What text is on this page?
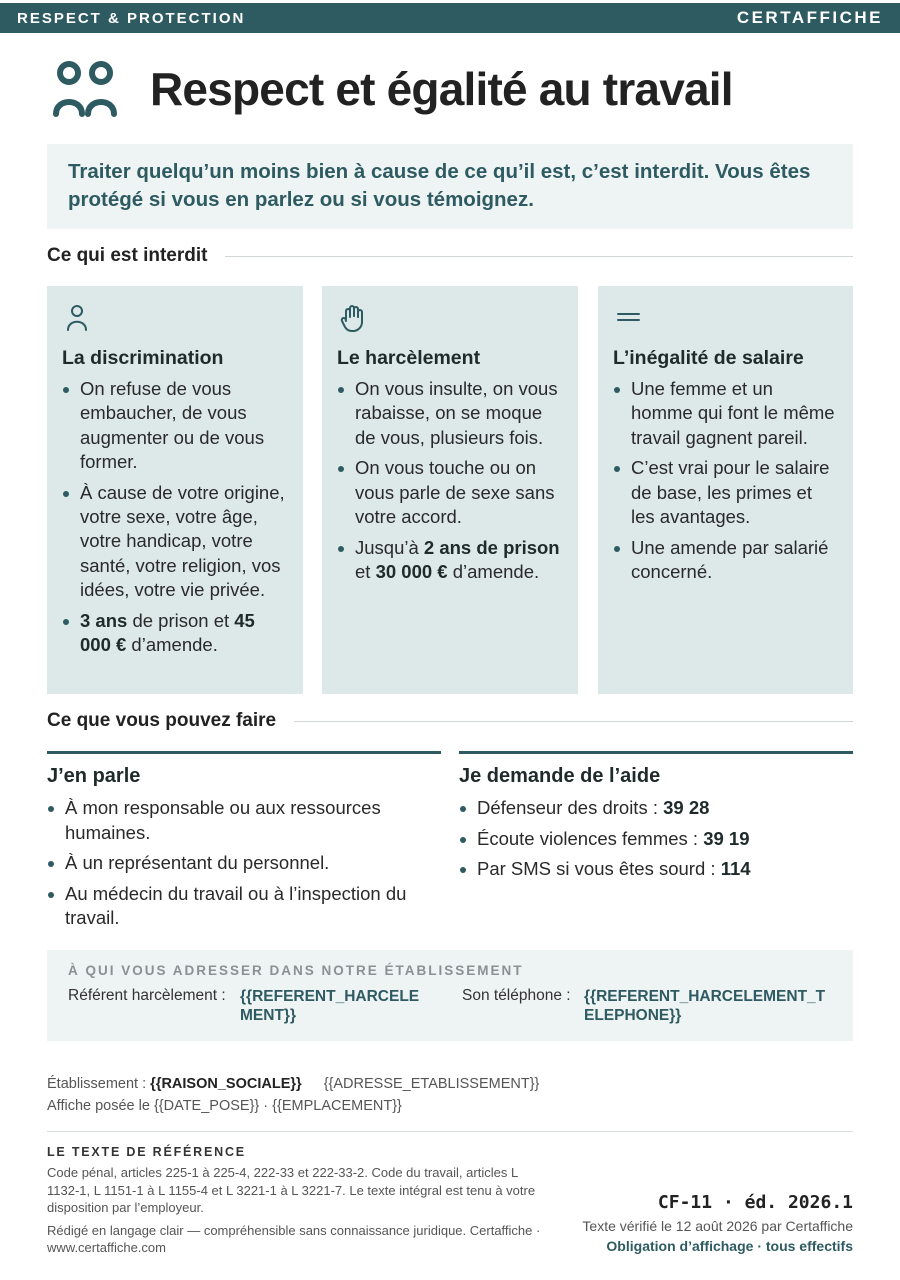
RESPECT & PROTECTION	CERTAFFICHE
Respect et égalité au travail
Traiter quelqu’un moins bien à cause de ce qu’il est, c’est interdit. Vous êtes protégé si vous en parlez ou si vous témoignez.
Ce qui est interdit
La discrimination
On refuse de vous embaucher, de vous augmenter ou de vous former.
À cause de votre origine, votre sexe, votre âge, votre handicap, votre santé, votre religion, vos idées, votre vie privée.
3 ans de prison et 45 000 € d’amende.
Le harcèlement
On vous insulte, on vous rabaisse, on se moque de vous, plusieurs fois.
On vous touche ou on vous parle de sexe sans votre accord.
Jusqu’à 2 ans de prison et 30 000 € d’amende.
L’inégalité de salaire
Une femme et un homme qui font le même travail gagnent pareil.
C’est vrai pour le salaire de base, les primes et les avantages.
Une amende par salarié concerné.
Ce que vous pouvez faire
J’en parle
À mon responsable ou aux ressources humaines.
À un représentant du personnel.
Au médecin du travail ou à l’inspection du travail.
Je demande de l’aide
Défenseur des droits : 39 28
Écoute violences femmes : 39 19
Par SMS si vous êtes sourd : 114
À QUI VOUS ADRESSER DANS NOTRE ÉTABLISSEMENT
Référent harcèlement : {{REFERENT_HARCELEMENT}}
Son téléphone : {{REFERENT_HARCELEMENT_TELEPHONE}}
Établissement : {{RAISON_SOCIALE}} {{ADRESSE_ETABLISSEMENT}}
Affiche posée le {{DATE_POSE}} · {{EMPLACEMENT}}
LE TEXTE DE RÉFÉRENCE

Code pénal, articles 225-1 à 225-4, 222-33 et 222-33-2. Code du travail, articles L 1132-1, L 1151-1 à L 1155-4 et L 3221-1 à L 3221-7. Le texte intégral est tenu à votre disposition par l’employeur.

Rédigé en langage clair — compréhensible sans connaissance juridique. Certaffiche · www.certaffiche.com

CF-11 · éd. 2026.1
Texte vérifié le 12 août 2026 par Certaffiche
Obligation d’affichage · tous effectifs
